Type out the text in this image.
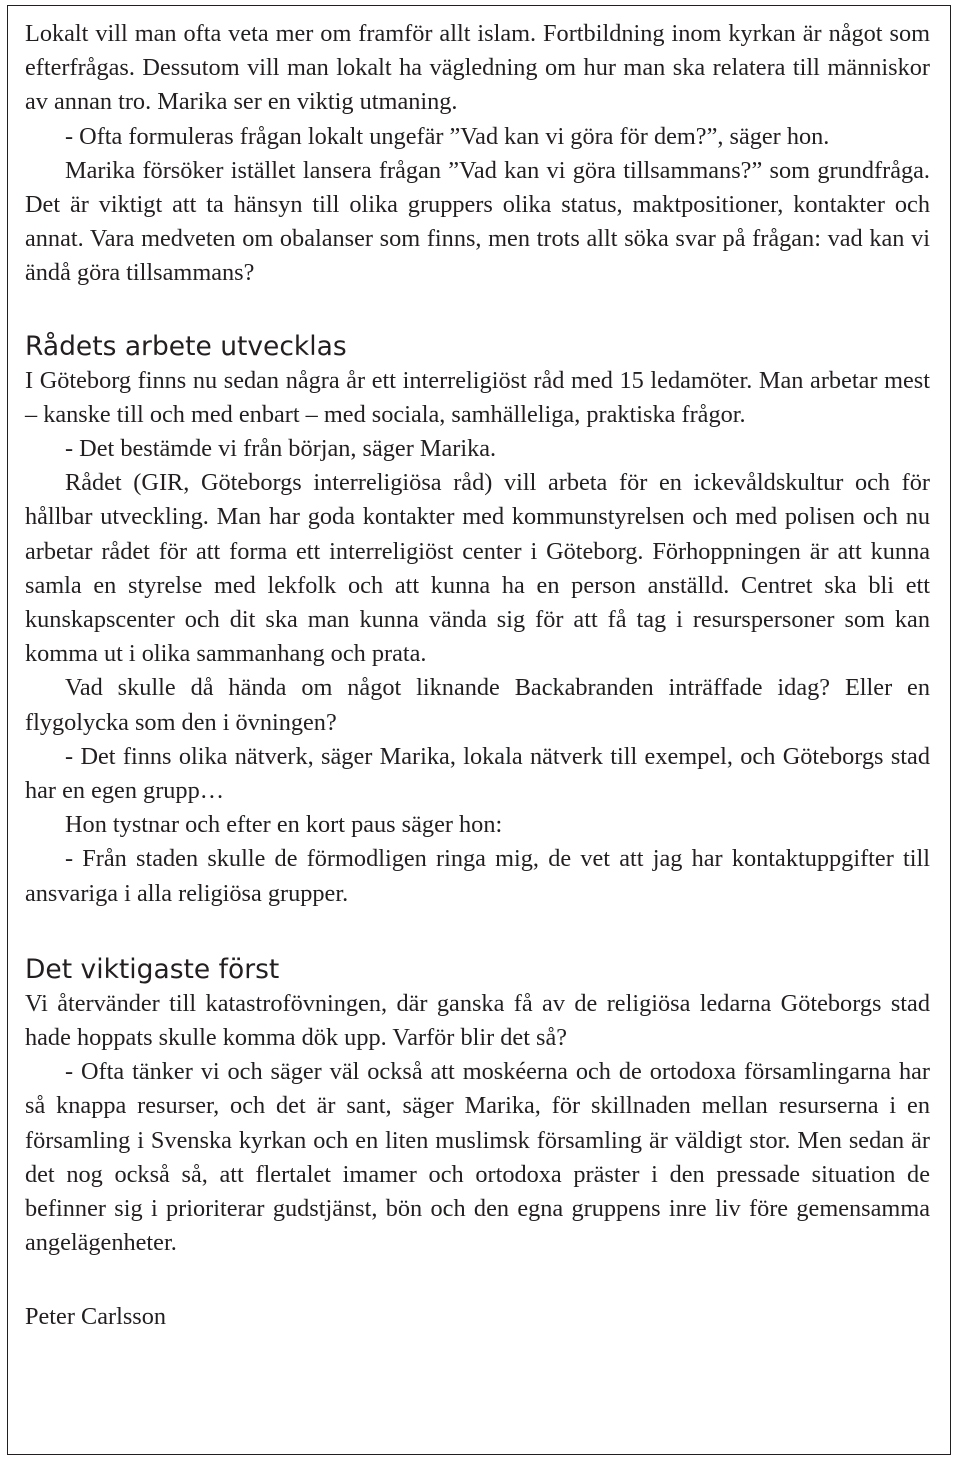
Lokalt vill man ofta veta mer om framför allt islam. Fortbildning inom kyrkan är något som efterfrågas. Dessutom vill man lokalt ha vägledning om hur man ska relatera till människor av annan tro. Marika ser en viktig utmaning.

- Ofta formuleras frågan lokalt ungefär ”Vad kan vi göra för dem?”, säger hon.

Marika försöker istället lansera frågan ”Vad kan vi göra tillsammans?” som grundfråga. Det är viktigt att ta hänsyn till olika gruppers olika status, maktpositioner, kontakter och annat. Vara medveten om obalanser som finns, men trots allt söka svar på frågan: vad kan vi ändå göra tillsammans?

Rådets arbete utvecklas

I Göteborg finns nu sedan några år ett interreligiöst råd med 15 ledamöter. Man arbetar mest – kanske till och med enbart – med sociala, samhälleliga, praktiska frågor.

- Det bestämde vi från början, säger Marika.

Rådet (GIR, Göteborgs interreligiösa råd) vill arbeta för en ickevåldskultur och för hållbar utveckling. Man har goda kontakter med kommunstyrelsen och med polisen och nu arbetar rådet för att forma ett interreligiöst center i Göteborg. Förhoppningen är att kunna samla en styrelse med lekfolk och att kunna ha en person anställd. Centret ska bli ett kunskapscenter och dit ska man kunna vända sig för att få tag i resurspersoner som kan komma ut i olika sammanhang och prata.

Vad skulle då hända om något liknande Backabranden inträffade idag? Eller en flygolycka som den i övningen?

- Det finns olika nätverk, säger Marika, lokala nätverk till exempel, och Göteborgs stad har en egen grupp…

Hon tystnar och efter en kort paus säger hon:

- Från staden skulle de förmodligen ringa mig, de vet att jag har kontaktuppgifter till ansvariga i alla religiösa grupper.

Det viktigaste först

Vi återvänder till katastrofövningen, där ganska få av de religiösa ledarna Göteborgs stad hade hoppats skulle komma dök upp. Varför blir det så?

- Ofta tänker vi och säger väl också att moskéerna och de ortodoxa församlingarna har så knappa resurser, och det är sant, säger Marika, för skillnaden mellan resurserna i en församling i Svenska kyrkan och en liten muslimsk församling är väldigt stor. Men sedan är det nog också så, att flertalet imamer och ortodoxa präster i den pressade situation de befinner sig i prioriterar gudstjänst, bön och den egna gruppens inre liv före gemensamma angelägenheter.

Peter Carlsson
